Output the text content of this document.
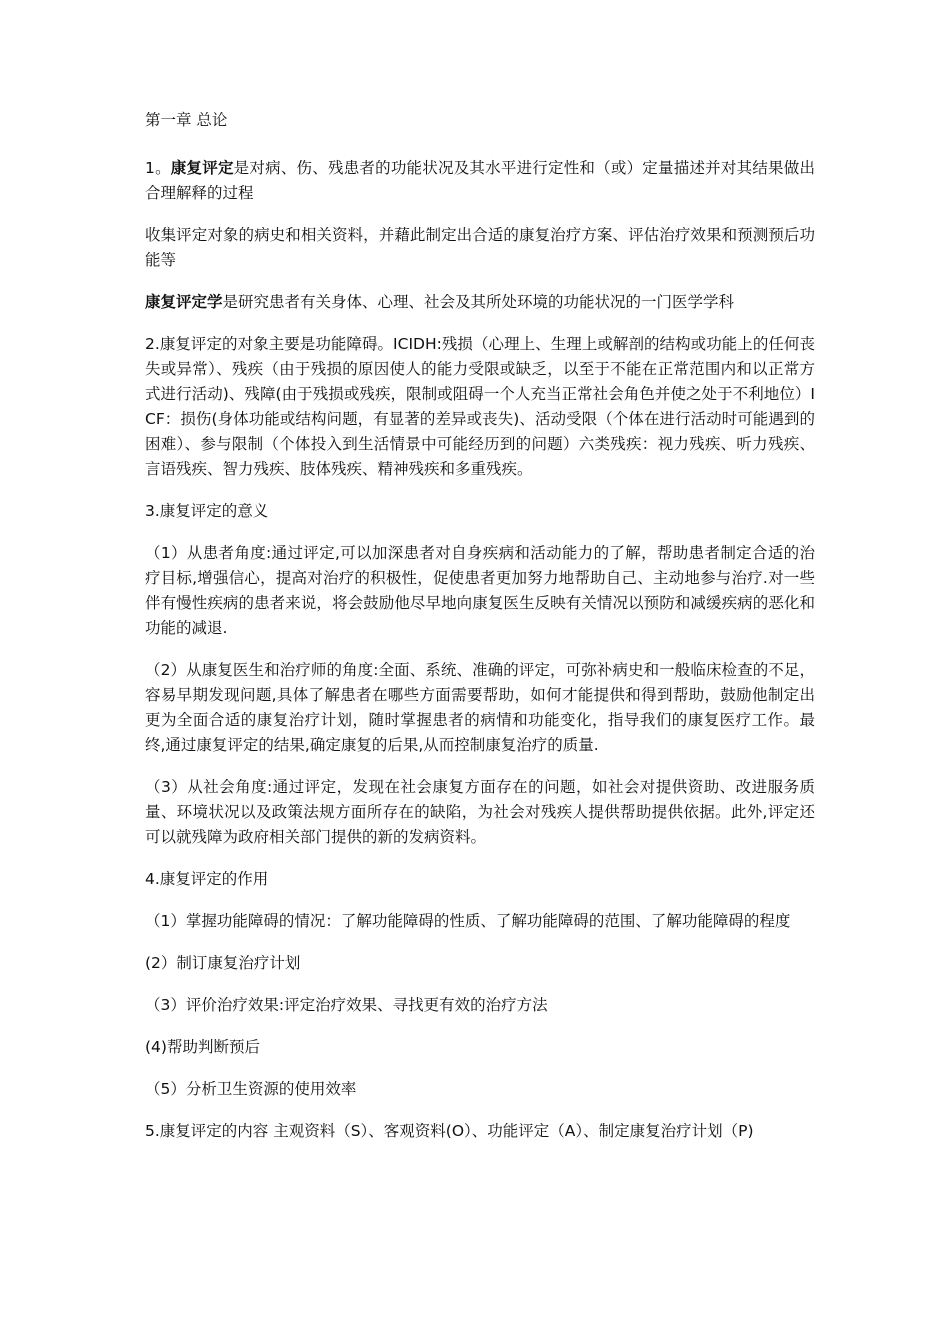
第一章 总论

1。康复评定是对病、伤、残患者的功能状况及其水平进行定性和（或）定量描述并对其结果做出合理解释的过程

收集评定对象的病史和相关资料，并藉此制定出合适的康复治疗方案、评估治疗效果和预测预后功能等

康复评定学是研究患者有关身体、心理、社会及其所处环境的功能状况的一门医学学科

2.康复评定的对象主要是功能障碍。ICIDH:残损（心理上、生理上或解剖的结构或功能上的任何丧失或异常）、残疾（由于残损的原因使人的能力受限或缺乏，以至于不能在正常范围内和以正常方式进行活动)、残障(由于残损或残疾，限制或阻碍一个人充当正常社会角色并使之处于不利地位）ICF：损伤(身体功能或结构问题，有显著的差异或丧失)、活动受限（个体在进行活动时可能遇到的困难）、参与限制（个体投入到生活情景中可能经历到的问题）六类残疾：视力残疾、听力残疾、言语残疾、智力残疾、肢体残疾、精神残疾和多重残疾。

3.康复评定的意义

（1）从患者角度:通过评定,可以加深患者对自身疾病和活动能力的了解，帮助患者制定合适的治疗目标,增强信心，提高对治疗的积极性，促使患者更加努力地帮助自己、主动地参与治疗.对一些伴有慢性疾病的患者来说，将会鼓励他尽早地向康复医生反映有关情况以预防和减缓疾病的恶化和功能的减退.

（2）从康复医生和治疗师的角度:全面、系统、准确的评定，可弥补病史和一般临床检查的不足，容易早期发现问题,具体了解患者在哪些方面需要帮助，如何才能提供和得到帮助，鼓励他制定出更为全面合适的康复治疗计划，随时掌握患者的病情和功能变化，指导我们的康复医疗工作。最终,通过康复评定的结果,确定康复的后果,从而控制康复治疗的质量.

（3）从社会角度:通过评定，发现在社会康复方面存在的问题，如社会对提供资助、改进服务质量、环境状况以及政策法规方面所存在的缺陷，为社会对残疾人提供帮助提供依据。此外,评定还可以就残障为政府相关部门提供的新的发病资料。

4.康复评定的作用

（1）掌握功能障碍的情况：了解功能障碍的性质、了解功能障碍的范围、了解功能障碍的程度

(2）制订康复治疗计划

（3）评价治疗效果:评定治疗效果、寻找更有效的治疗方法

(4)帮助判断预后

（5）分析卫生资源的使用效率

5.康复评定的内容 主观资料（S）、客观资料(O）、功能评定（A）、制定康复治疗计划（P)
